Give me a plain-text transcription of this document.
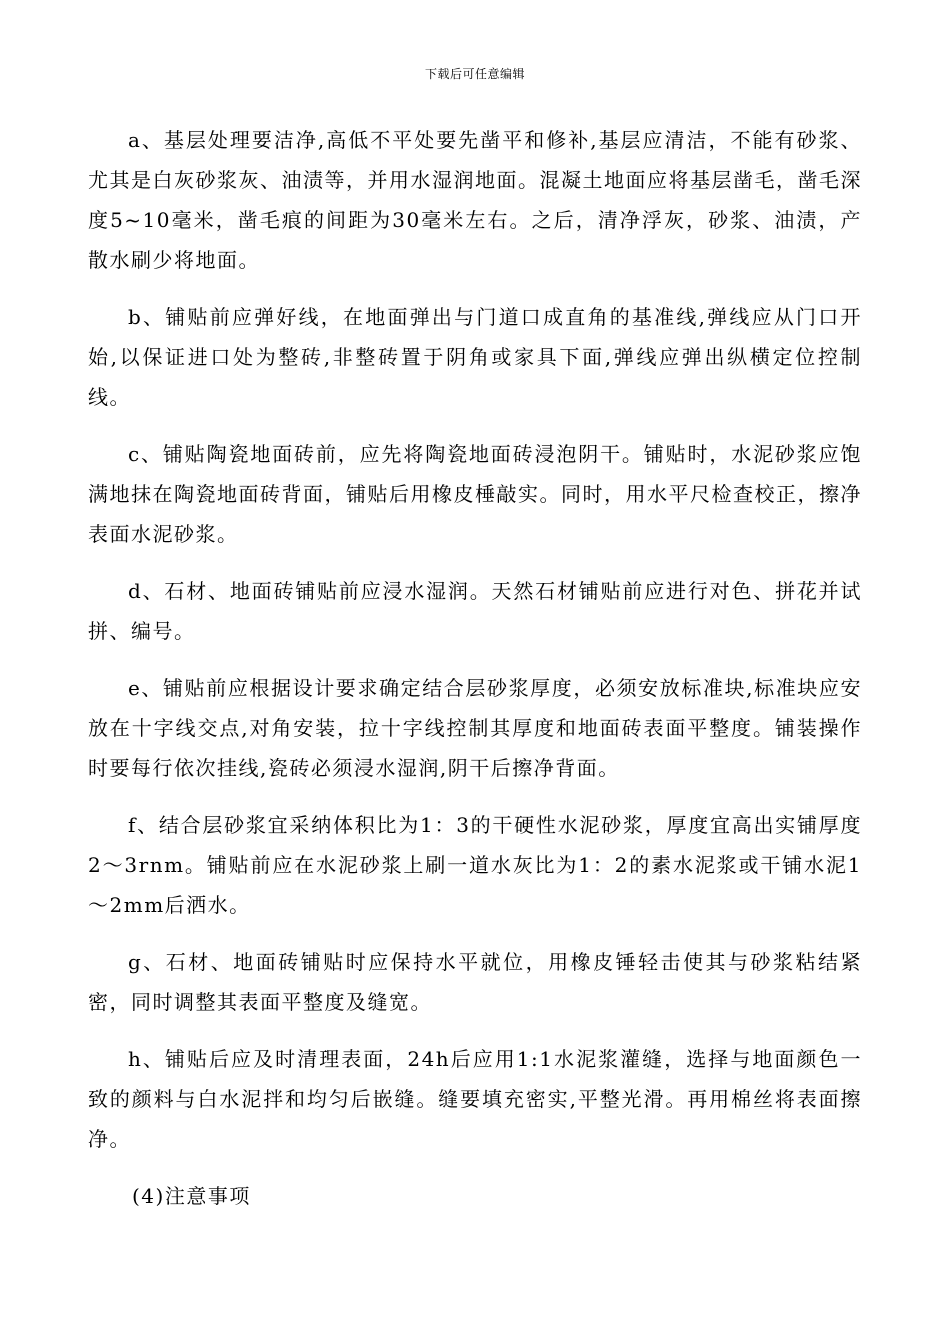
下载后可任意编辑

a、基层处理要洁净,高低不平处要先凿平和修补,基层应清洁，不能有砂浆、尤其是白灰砂浆灰、油渍等，并用水湿润地面。混凝土地面应将基层凿毛，凿毛深度5~10毫米，凿毛痕的间距为30毫米左右。之后，清净浮灰，砂浆、油渍，产散水刷少将地面。

b、铺贴前应弹好线，在地面弹出与门道口成直角的基准线,弹线应从门口开始,以保证进口处为整砖,非整砖置于阴角或家具下面,弹线应弹出纵横定位控制线。

c、铺贴陶瓷地面砖前，应先将陶瓷地面砖浸泡阴干。铺贴时，水泥砂浆应饱满地抹在陶瓷地面砖背面，铺贴后用橡皮棰敲实。同时，用水平尺检查校正，擦净表面水泥砂浆。

d、石材、地面砖铺贴前应浸水湿润。天然石材铺贴前应进行对色、拼花并试拼、编号。

e、铺贴前应根据设计要求确定结合层砂浆厚度，必须安放标准块,标准块应安放在十字线交点,对角安装，拉十字线控制其厚度和地面砖表面平整度。铺装操作时要每行依次挂线,瓷砖必须浸水湿润,阴干后擦净背面。

f、结合层砂浆宜采纳体积比为1：3的干硬性水泥砂浆，厚度宜高出实铺厚度2～3rnm。铺贴前应在水泥砂浆上刷一道水灰比为1：2的素水泥浆或干铺水泥1～2mm后洒水。

g、石材、地面砖铺贴时应保持水平就位，用橡皮锤轻击使其与砂浆粘结紧密，同时调整其表面平整度及缝宽。

h、铺贴后应及时清理表面，24h后应用1:1水泥浆灌缝，选择与地面颜色一致的颜料与白水泥拌和均匀后嵌缝。缝要填充密实,平整光滑。再用棉丝将表面擦净。

(4)注意事项
